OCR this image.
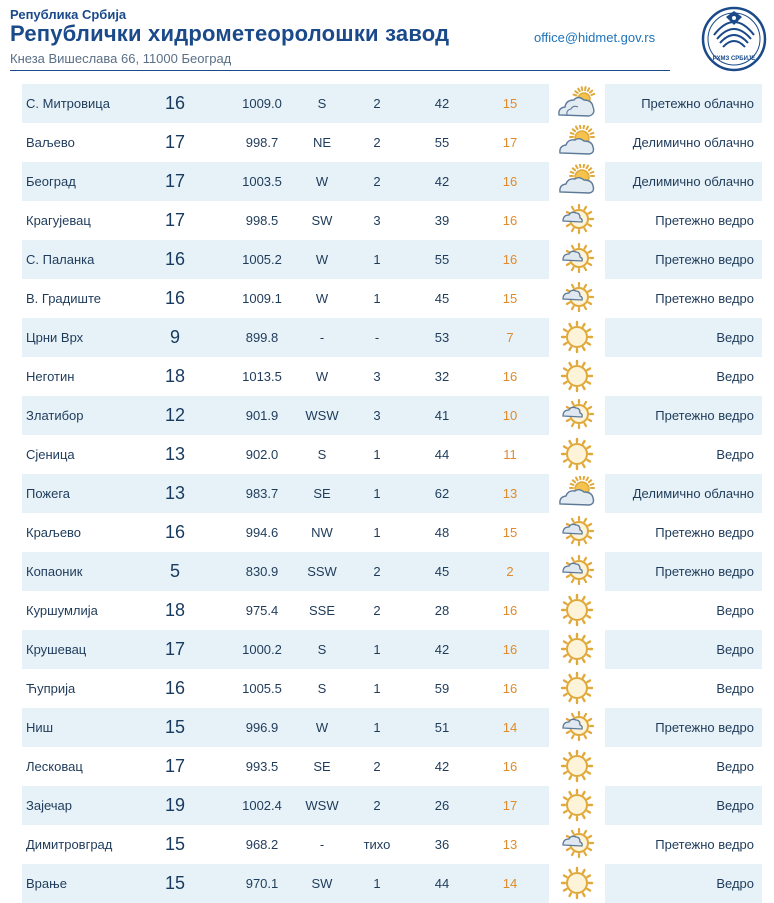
Република Србија
Републички хидрометеоролошки завод
Кнеза Вишеслава 66, 11000 Београд
office@hidmet.gov.rs
РХМЗ СРБИЈЕ
С. Митровица	16	1009.0	S	2	42	15	Претежно облачно
Ваљево	17	998.7	NE	2	55	17	Делимично облачно
Београд	17	1003.5	W	2	42	16	Делимично облачно
Крагујевац	17	998.5	SW	3	39	16	Претежно ведро
С. Паланка	16	1005.2	W	1	55	16	Претежно ведро
В. Градиште	16	1009.1	W	1	45	15	Претежно ведро
Црни Врх	9	899.8	-	-	53	7	Ведро
Неготин	18	1013.5	W	3	32	16	Ведро
Златибор	12	901.9	WSW	3	41	10	Претежно ведро
Сјеница	13	902.0	S	1	44	11	Ведро
Пожега	13	983.7	SE	1	62	13	Делимично облачно
Краљево	16	994.6	NW	1	48	15	Претежно ведро
Копаоник	5	830.9	SSW	2	45	2	Претежно ведро
Куршумлија	18	975.4	SSE	2	28	16	Ведро
Крушевац	17	1000.2	S	1	42	16	Ведро
Ћуприја	16	1005.5	S	1	59	16	Ведро
Ниш	15	996.9	W	1	51	14	Претежно ведро
Лесковац	17	993.5	SE	2	42	16	Ведро
Зајечар	19	1002.4	WSW	2	26	17	Ведро
Димитровград	15	968.2	-	тихо	36	13	Претежно ведро
Врање	15	970.1	SW	1	44	14	Ведро
